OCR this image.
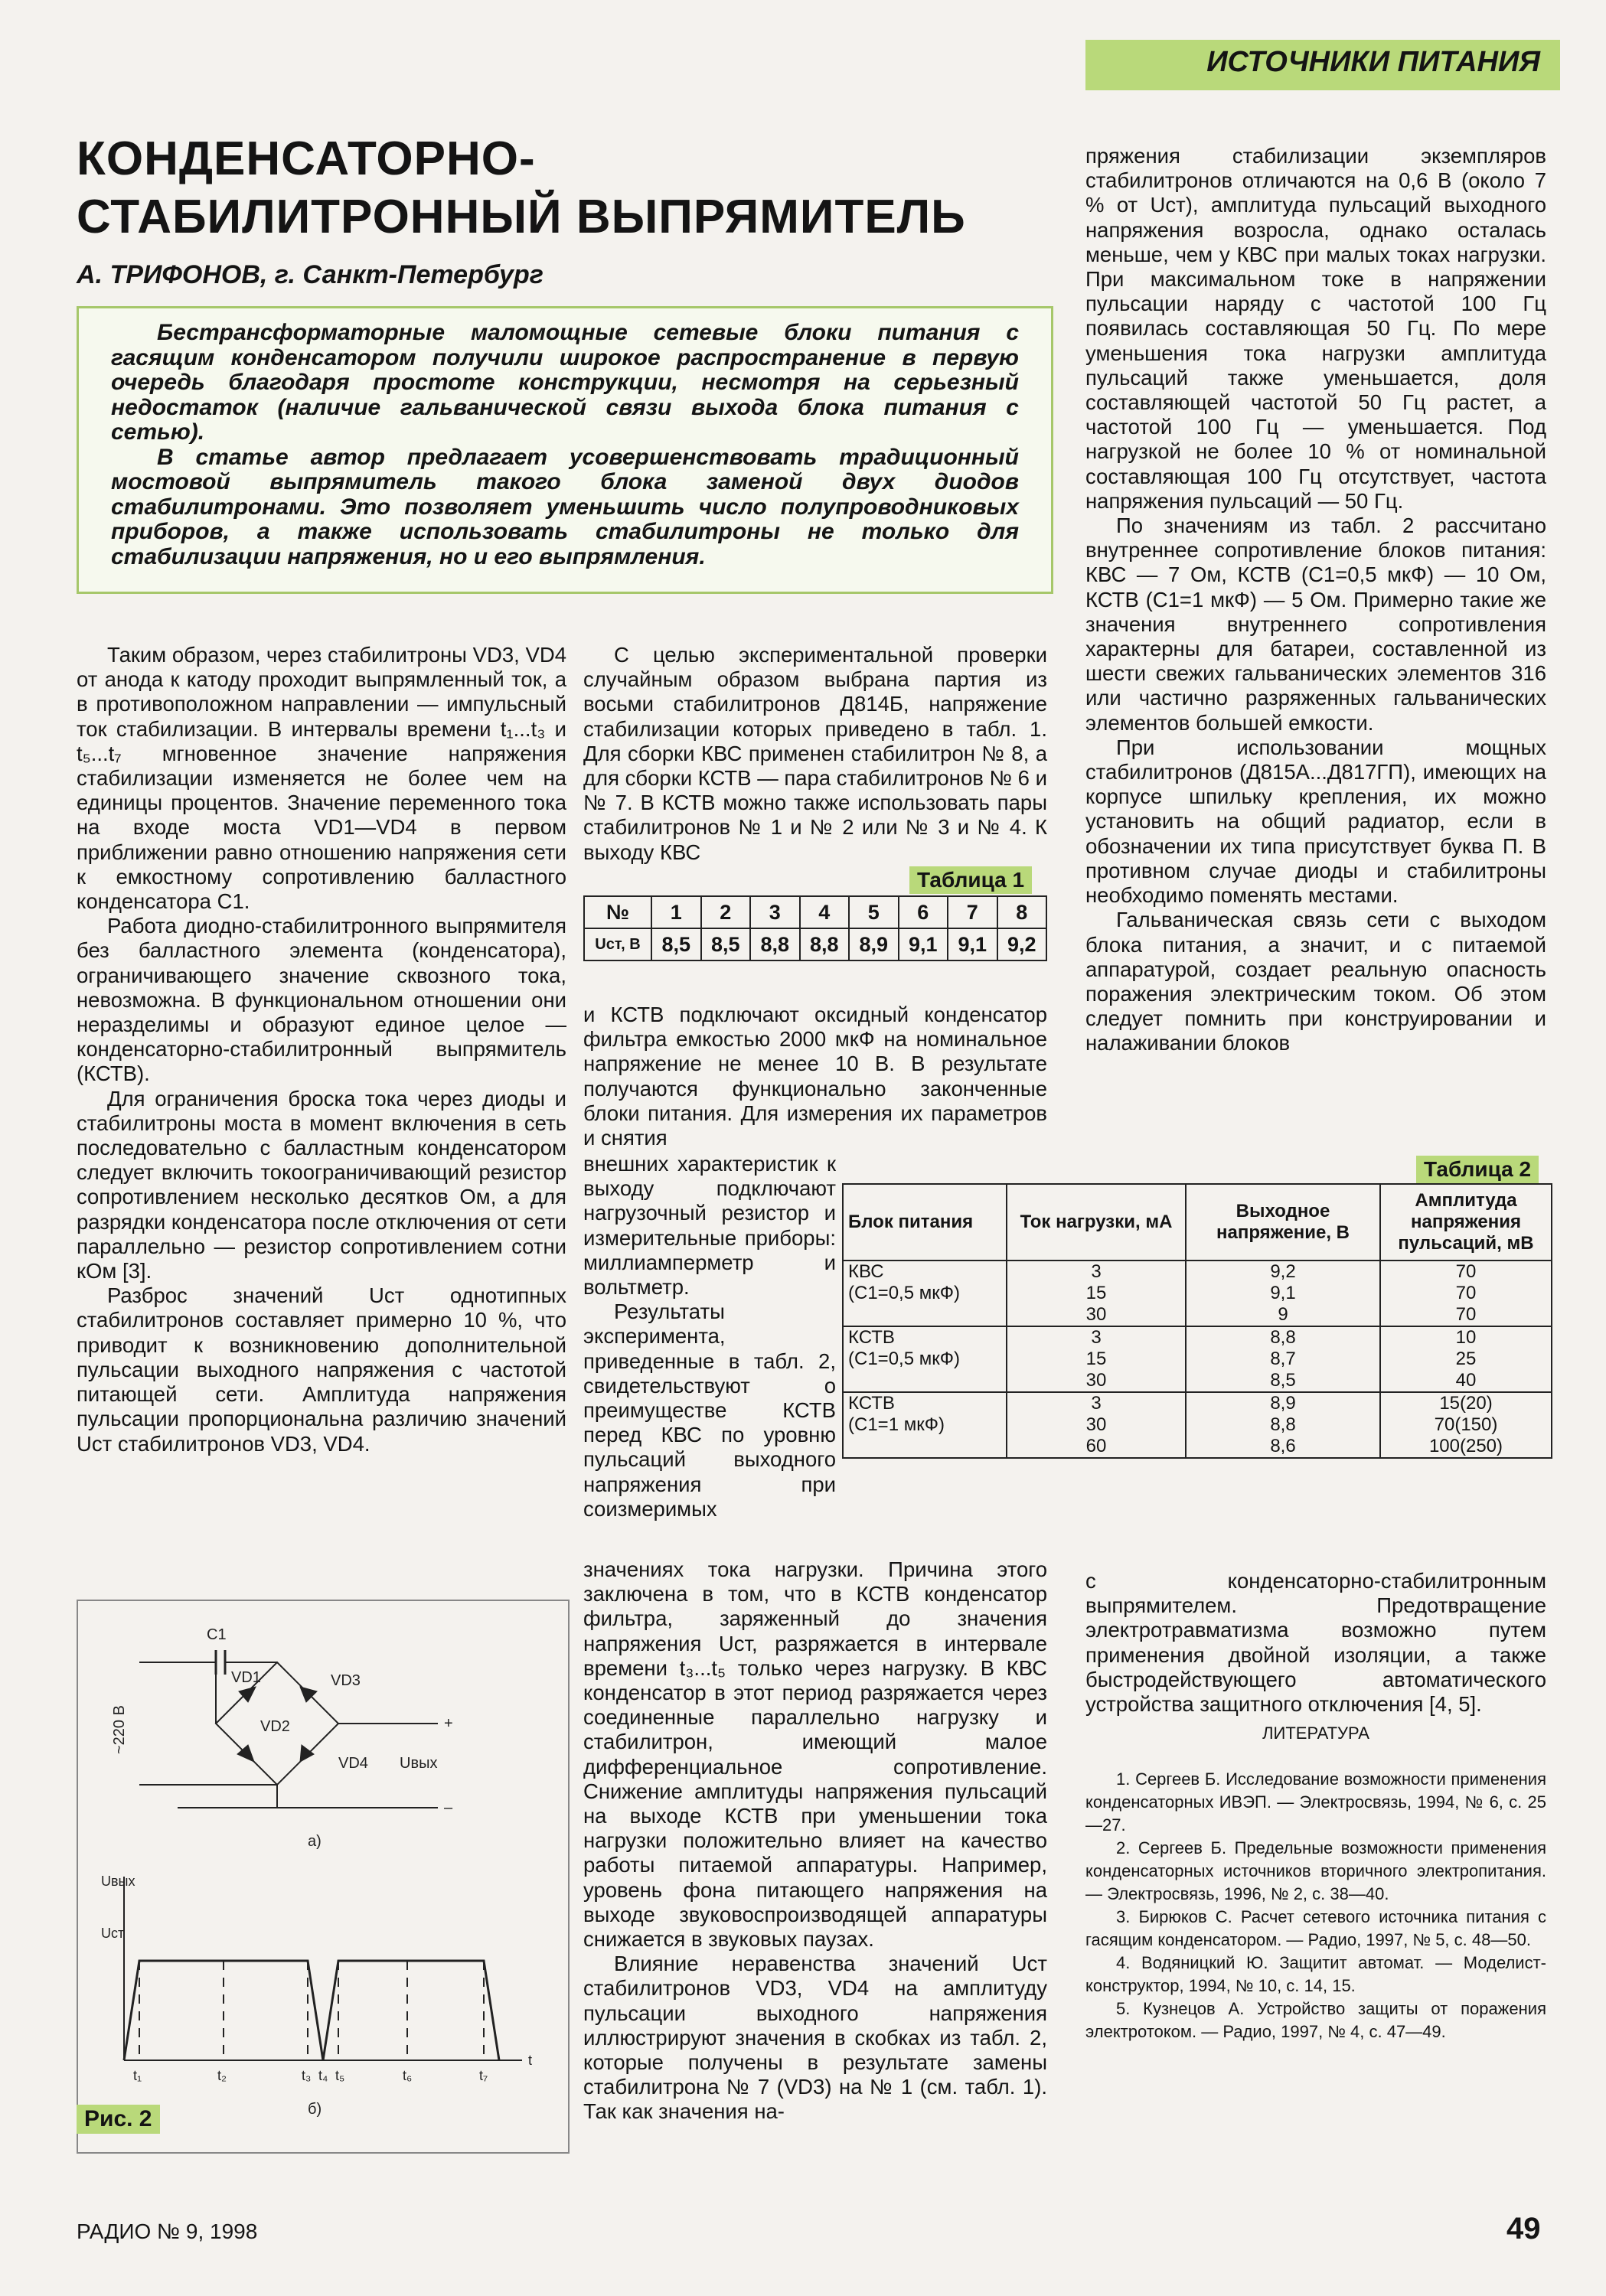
ИСТОЧНИКИ ПИТАНИЯ
КОНДЕНСАТОРНО-
СТАБИЛИТРОННЫЙ ВЫПРЯМИТЕЛЬ
А. ТРИФОНОВ, г. Санкт-Петербург

Бестрансформаторные маломощные сетевые блоки питания с гасящим конденсатором получили широкое распространение в первую очередь благодаря простоте конструкции, несмотря на серьезный недостаток (наличие гальванической связи выхода блока питания с сетью).

В статье автор предлагает усовершенствовать традиционный мостовой выпрямитель такого блока заменой двух диодов стабилитронами. Это позволяет уменьшить число полупроводниковых приборов, а также использовать стабилитроны не только для стабилизации напряжения, но и его выпрямления.

Таким образом, через стабилитроны VD3, VD4 от анода к катоду проходит выпрямленный ток, а в противоположном направлении — импульсный ток стабилизации. В интервалы времени t₁...t₃ и t₅...t₇ мгновенное значение напряжения стабилизации изменяется не более чем на единицы процентов. Значение переменного тока на входе моста VD1—VD4 в первом приближении равно отношению напряжения сети к емкостному сопротивлению балластного конденсатора C1.

Работа диодно-стабилитронного выпрямителя без балластного элемента (конденсатора), ограничивающего значение сквозного тока, невозможна. В функциональном отношении они неразделимы и образуют единое целое — конденсаторно-стабилитронный выпрямитель (КСТВ).

Для ограничения броска тока через диоды и стабилитроны моста в момент включения в сеть последовательно с балластным конденсатором следует включить токоограничивающий резистор сопротивлением несколько десятков Ом, а для разрядки конденсатора после отключения от сети параллельно — резистор сопротивлением сотни кОм [3].

Разброс значений Uст однотипных стабилитронов составляет примерно 10 %, что приводит к возникновению дополнительной пульсации выходного напряжения с частотой питающей сети. Амплитуда напряжения пульсации пропорциональна различию значений Uст стабилитронов VD3, VD4.

C1
VD1	VD3
VD2
VD4
+
–
Uвых
~220 В
а)
Uвых
Uст
t₁	t₂	t₃ t₄ t₅	t₆	t₇
t
б)
Рис. 2

С целью экспериментальной проверки случайным образом выбрана партия из восьми стабилитронов Д814Б, напряжение стабилизации которых приведено в табл. 1. Для сборки КВС применен стабилитрон № 8, а для сборки КСТВ — пара стабилитронов № 6 и № 7. В КСТВ можно также использовать пары стабилитронов № 1 и № 2 или № 3 и № 4. К выходу КВС

Таблица 1
№	1	2	3	4	5	6	7	8
Uст, В	8,5	8,5	8,8	8,8	8,9	9,1	9,1	9,2

и КСТВ подключают оксидный конденсатор фильтра емкостью 2000 мкФ на номинальное напряжение не менее 10 В. В результате получаются функционально законченные блоки питания. Для измерения их параметров и снятия

внешних характеристик к выходу подключают нагрузочный резистор и измерительные приборы: миллиамперметр и вольтметр.

Результаты эксперимента, приведенные в табл. 2, свидетельствуют о преимуществе КСТВ перед КВС по уровню пульсаций выходного напряжения при соизмеримых

значениях тока нагрузки. Причина этого заключена в том, что в КСТВ конденсатор фильтра, заряженный до значения напряжения Uст, разряжается в интервале времени t₃...t₅ только через нагрузку. В КВС конденсатор в этот период разряжается через соединенные параллельно нагрузку и стабилитрон, имеющий малое дифференциальное сопротивление. Снижение амплитуды напряжения пульсаций на выходе КСТВ при уменьшении тока нагрузки положительно влияет на качество работы питаемой аппаратуры. Например, уровень фона питающего напряжения на выходе звуковоспроизводящей аппаратуры снижается в звуковых паузах.

Влияние неравенства значений Uст стабилитронов VD3, VD4 на амплитуду пульсации выходного напряжения иллюстрируют значения в скобках из табл. 2, которые получены в результате замены стабилитрона № 7 (VD3) на № 1 (см. табл. 1). Так как значения на-

пряжения стабилизации экземпляров стабилитронов отличаются на 0,6 В (около 7 % от Uст), амплитуда пульсаций выходного напряжения возросла, однако осталась меньше, чем у КВС при малых токах нагрузки. При максимальном токе в напряжении пульсации наряду с частотой 100 Гц появилась составляющая 50 Гц. По мере уменьшения тока нагрузки амплитуда пульсаций также уменьшается, доля составляющей частотой 50 Гц растет, а частотой 100 Гц — уменьшается. Под нагрузкой не более 10 % от номинальной составляющая 100 Гц отсутствует, частота напряжения пульсаций — 50 Гц.

По значениям из табл. 2 рассчитано внутреннее сопротивление блоков питания: КВС — 7 Ом, КСТВ (C1=0,5 мкФ) — 10 Ом, КСТВ (C1=1 мкФ) — 5 Ом. Примерно такие же значения внутреннего сопротивления характерны для батареи, составленной из шести свежих гальванических элементов 316 или частично разряженных гальванических элементов большей емкости.

При использовании мощных стабилитронов (Д815А...Д817ГП), имеющих на корпусе шпильку крепления, их можно установить на общий радиатор, если в обозначении их типа присутствует буква П. В противном случае диоды и стабилитроны необходимо поменять местами.

Гальваническая связь сети с выходом блока питания, а значит, и с питаемой аппаратурой, создает реальную опасность поражения электрическим током. Об этом следует помнить при конструировании и налаживании блоков

Таблица 2
Блок питания	Ток нагрузки, мА	Выходное напряжение, В	Амплитуда напряжения пульсаций, мВ
КВС	3	9,2	70
(C1=0,5 мкФ)	15	9,1	70
	30	9	70
КСТВ	3	8,8	10
(C1=0,5 мкФ)	15	8,7	25
	30	8,5	40
КСТВ	3	8,9	15(20)
(C1=1 мкФ)	30	8,8	70(150)
	60	8,6	100(250)

с конденсаторно-стабилитронным выпрямителем. Предотвращение электротравматизма возможно путем применения двойной изоляции, а также быстродействующего автоматического устройства защитного отключения [4, 5].

ЛИТЕРАТУРА

1. Сергеев Б. Исследование возможности применения конденсаторных ИВЭП. — Электросвязь, 1994, № 6, с. 25—27.

2. Сергеев Б. Предельные возможности применения конденсаторных источников вторичного электропитания. — Электросвязь, 1996, № 2, с. 38—40.

3. Бирюков С. Расчет сетевого источника питания с гасящим конденсатором. — Радио, 1997, № 5, с. 48—50.

4. Водяницкий Ю. Защитит автомат. — Моделист-конструктор, 1994, № 10, с. 14, 15.

5. Кузнецов А. Устройство защиты от поражения электротоком. — Радио, 1997, № 4, с. 47—49.

РАДИО № 9, 1998	49
